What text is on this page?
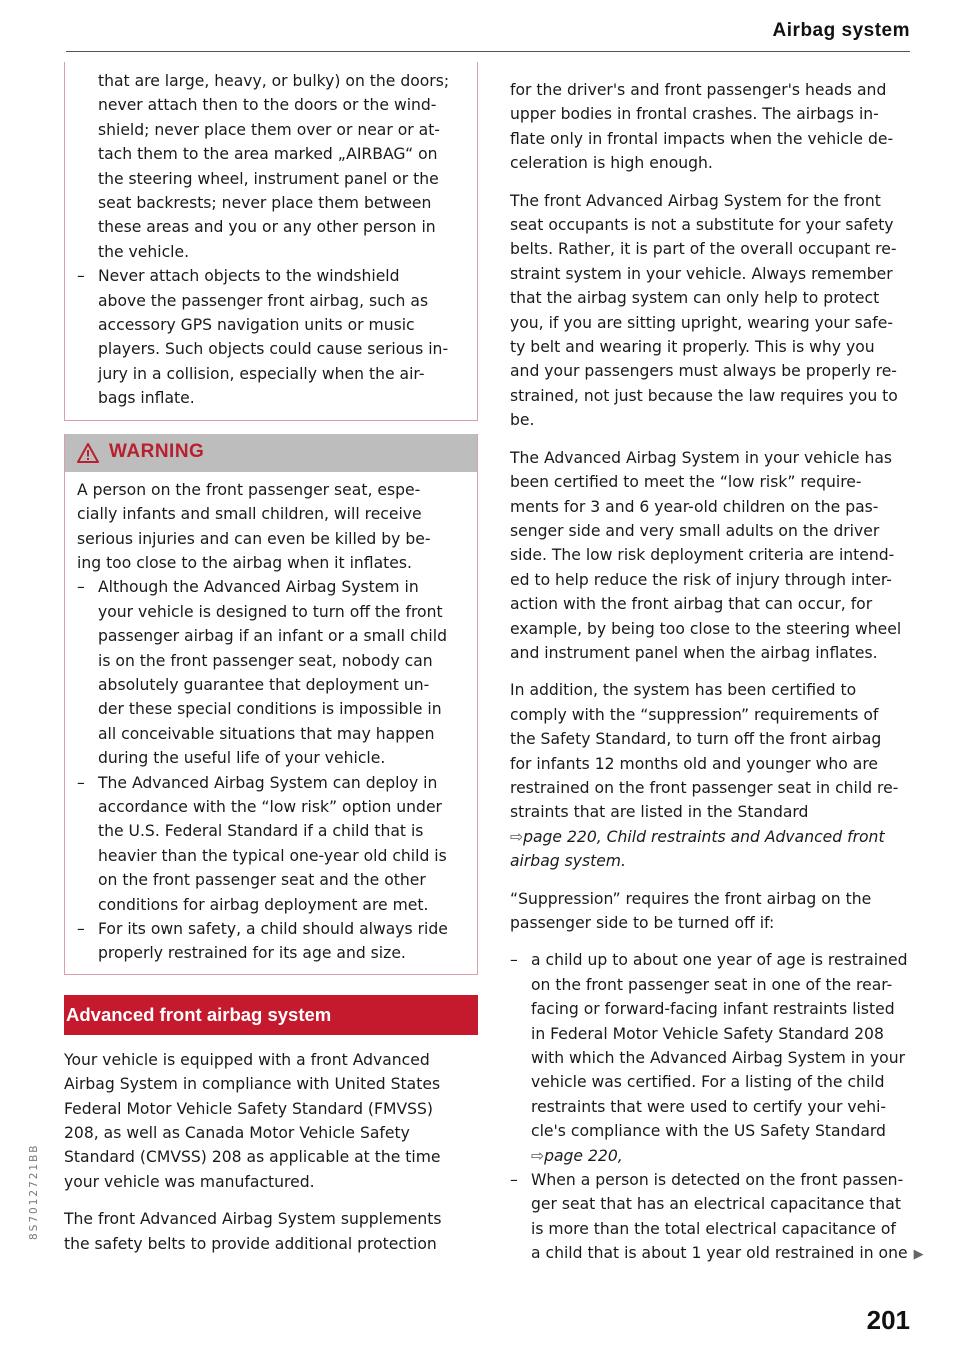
Airbag system
that are large, heavy, or bulky) on the doors;
never attach then to the doors or the wind-
shield; never place them over or near or at-
tach them to the area marked „AIRBAG“ on
the steering wheel, instrument panel or the
seat backrests; never place them between
these areas and you or any other person in
the vehicle.
– Never attach objects to the windshield
above the passenger front airbag, such as
accessory GPS navigation units or music
players. Such objects could cause serious in-
jury in a collision, especially when the air-
bags inflate.
WARNING
A person on the front passenger seat, espe-
cially infants and small children, will receive
serious injuries and can even be killed by be-
ing too close to the airbag when it inflates.
– Although the Advanced Airbag System in
your vehicle is designed to turn off the front
passenger airbag if an infant or a small child
is on the front passenger seat, nobody can
absolutely guarantee that deployment un-
der these special conditions is impossible in
all conceivable situations that may happen
during the useful life of your vehicle.
– The Advanced Airbag System can deploy in
accordance with the “low risk” option under
the U.S. Federal Standard if a child that is
heavier than the typical one-year old child is
on the front passenger seat and the other
conditions for airbag deployment are met.
– For its own safety, a child should always ride
properly restrained for its age and size.
Advanced front airbag system
Your vehicle is equipped with a front Advanced
Airbag System in compliance with United States
Federal Motor Vehicle Safety Standard (FMVSS)
208, as well as Canada Motor Vehicle Safety
Standard (CMVSS) 208 as applicable at the time
your vehicle was manufactured.
The front Advanced Airbag System supplements
the safety belts to provide additional protection
for the driver's and front passenger's heads and
upper bodies in frontal crashes. The airbags in-
flate only in frontal impacts when the vehicle de-
celeration is high enough.
The front Advanced Airbag System for the front
seat occupants is not a substitute for your safety
belts. Rather, it is part of the overall occupant re-
straint system in your vehicle. Always remember
that the airbag system can only help to protect
you, if you are sitting upright, wearing your safe-
ty belt and wearing it properly. This is why you
and your passengers must always be properly re-
strained, not just because the law requires you to
be.
The Advanced Airbag System in your vehicle has
been certified to meet the “low risk” require-
ments for 3 and 6 year-old children on the pas-
senger side and very small adults on the driver
side. The low risk deployment criteria are intend-
ed to help reduce the risk of injury through inter-
action with the front airbag that can occur, for
example, by being too close to the steering wheel
and instrument panel when the airbag inflates.
In addition, the system has been certified to
comply with the “suppression” requirements of
the Safety Standard, to turn off the front airbag
for infants 12 months old and younger who are
restrained on the front passenger seat in child re-
straints that are listed in the Standard
⇨page 220, Child restraints and Advanced front
airbag system.
“Suppression” requires the front airbag on the
passenger side to be turned off if:
– a child up to about one year of age is restrained
on the front passenger seat in one of the rear-
facing or forward-facing infant restraints listed
in Federal Motor Vehicle Safety Standard 208
with which the Advanced Airbag System in your
vehicle was certified. For a listing of the child
restraints that were used to certify your vehi-
cle's compliance with the US Safety Standard
⇨page 220,
– When a person is detected on the front passen-
ger seat that has an electrical capacitance that
is more than the total electrical capacitance of
a child that is about 1 year old restrained in one ▶
8S7012721BB
201
